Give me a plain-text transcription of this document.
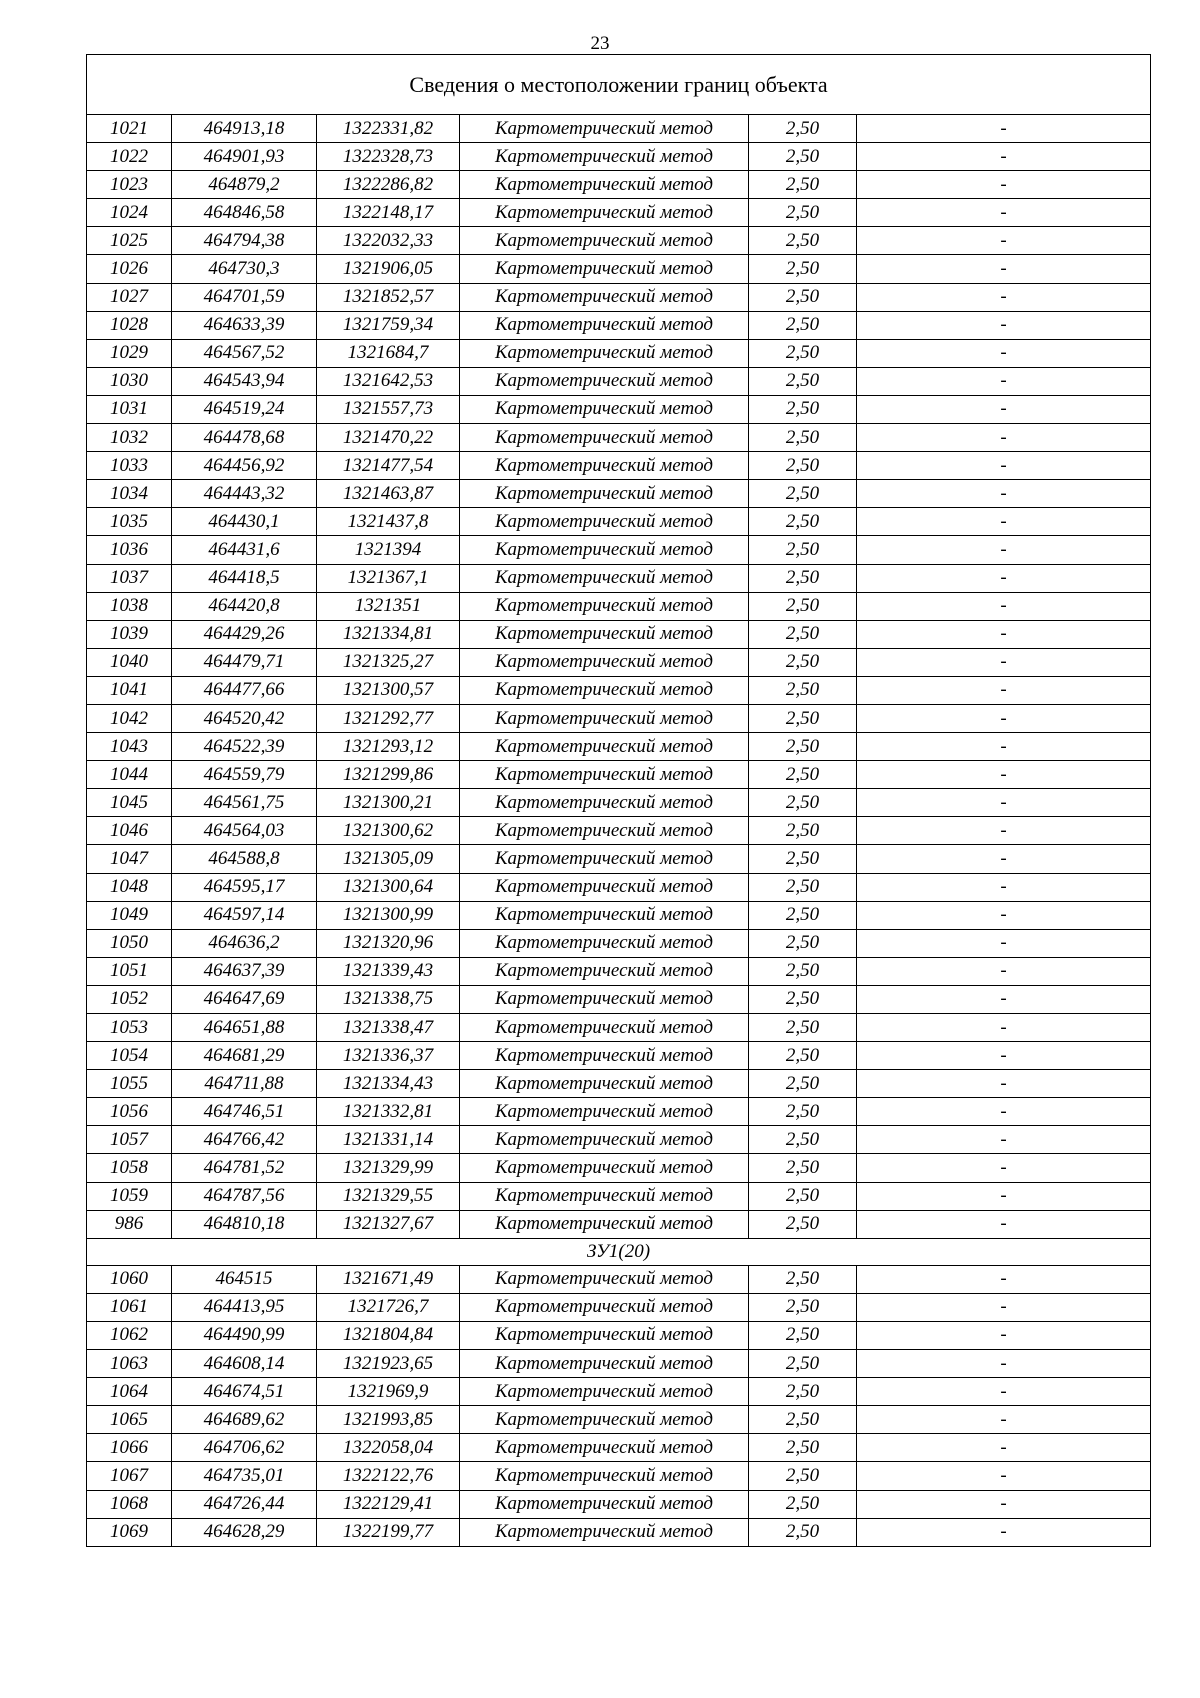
23
Сведения о местоположении границ объекта					
1021	464913,18	1322331,82	Картометрический метод	2,50	-
1022	464901,93	1322328,73	Картометрический метод	2,50	-
1023	464879,2	1322286,82	Картометрический метод	2,50	-
1024	464846,58	1322148,17	Картометрический метод	2,50	-
1025	464794,38	1322032,33	Картометрический метод	2,50	-
1026	464730,3	1321906,05	Картометрический метод	2,50	-
1027	464701,59	1321852,57	Картометрический метод	2,50	-
1028	464633,39	1321759,34	Картометрический метод	2,50	-
1029	464567,52	1321684,7	Картометрический метод	2,50	-
1030	464543,94	1321642,53	Картометрический метод	2,50	-
1031	464519,24	1321557,73	Картометрический метод	2,50	-
1032	464478,68	1321470,22	Картометрический метод	2,50	-
1033	464456,92	1321477,54	Картометрический метод	2,50	-
1034	464443,32	1321463,87	Картометрический метод	2,50	-
1035	464430,1	1321437,8	Картометрический метод	2,50	-
1036	464431,6	1321394	Картометрический метод	2,50	-
1037	464418,5	1321367,1	Картометрический метод	2,50	-
1038	464420,8	1321351	Картометрический метод	2,50	-
1039	464429,26	1321334,81	Картометрический метод	2,50	-
1040	464479,71	1321325,27	Картометрический метод	2,50	-
1041	464477,66	1321300,57	Картометрический метод	2,50	-
1042	464520,42	1321292,77	Картометрический метод	2,50	-
1043	464522,39	1321293,12	Картометрический метод	2,50	-
1044	464559,79	1321299,86	Картометрический метод	2,50	-
1045	464561,75	1321300,21	Картометрический метод	2,50	-
1046	464564,03	1321300,62	Картометрический метод	2,50	-
1047	464588,8	1321305,09	Картометрический метод	2,50	-
1048	464595,17	1321300,64	Картометрический метод	2,50	-
1049	464597,14	1321300,99	Картометрический метод	2,50	-
1050	464636,2	1321320,96	Картометрический метод	2,50	-
1051	464637,39	1321339,43	Картометрический метод	2,50	-
1052	464647,69	1321338,75	Картометрический метод	2,50	-
1053	464651,88	1321338,47	Картометрический метод	2,50	-
1054	464681,29	1321336,37	Картометрический метод	2,50	-
1055	464711,88	1321334,43	Картометрический метод	2,50	-
1056	464746,51	1321332,81	Картометрический метод	2,50	-
1057	464766,42	1321331,14	Картометрический метод	2,50	-
1058	464781,52	1321329,99	Картометрический метод	2,50	-
1059	464787,56	1321329,55	Картометрический метод	2,50	-
986	464810,18	1321327,67	Картометрический метод	2,50	-
ЗУ1(20)					
1060	464515	1321671,49	Картометрический метод	2,50	-
1061	464413,95	1321726,7	Картометрический метод	2,50	-
1062	464490,99	1321804,84	Картометрический метод	2,50	-
1063	464608,14	1321923,65	Картометрический метод	2,50	-
1064	464674,51	1321969,9	Картометрический метод	2,50	-
1065	464689,62	1321993,85	Картометрический метод	2,50	-
1066	464706,62	1322058,04	Картометрический метод	2,50	-
1067	464735,01	1322122,76	Картометрический метод	2,50	-
1068	464726,44	1322129,41	Картометрический метод	2,50	-
1069	464628,29	1322199,77	Картометрический метод	2,50	-
